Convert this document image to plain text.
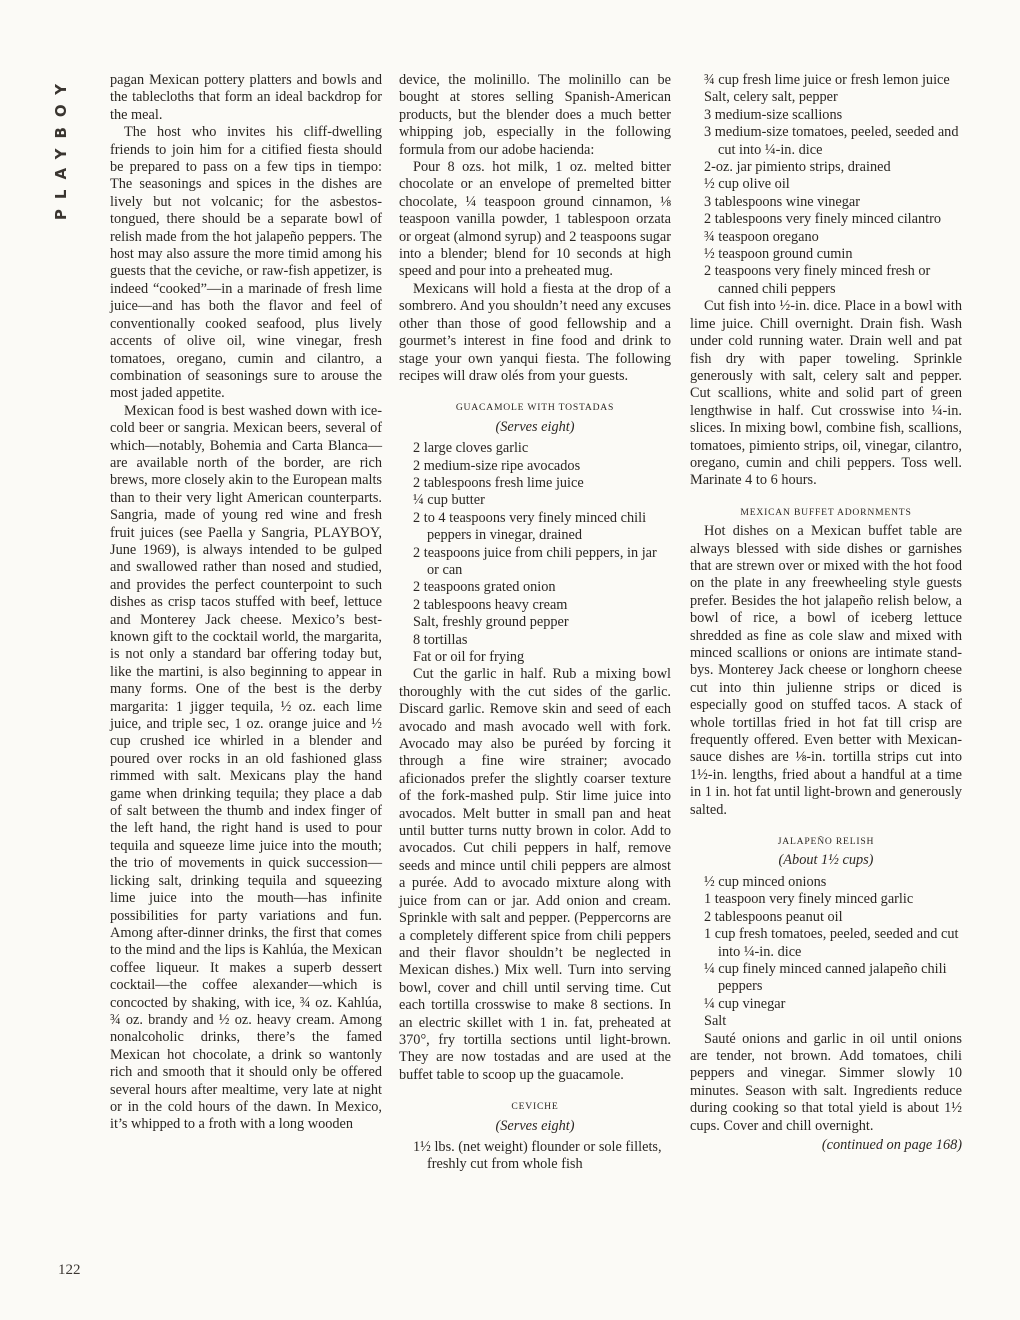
PLAYBOY
122

pagan Mexican pottery platters and bowls and the tablecloths that form an ideal backdrop for the meal.

The host who invites his cliff-dwelling friends to join him for a citified fiesta should be prepared to pass on a few tips in tiempo: The seasonings and spices in the dishes are lively but not volcanic; for the asbestos-tongued, there should be a separate bowl of relish made from the hot jalapeño peppers. The host may also assure the more timid among his guests that the ceviche, or raw-fish appetizer, is indeed “cooked”—in a marinade of fresh lime juice—and has both the flavor and feel of conventionally cooked seafood, plus lively accents of olive oil, wine vinegar, fresh tomatoes, oregano, cumin and cilantro, a combination of seasonings sure to arouse the most jaded appetite.

Mexican food is best washed down with ice-cold beer or sangria. Mexican beers, several of which—notably, Bohemia and Carta Blanca—are available north of the border, are rich brews, more closely akin to the European malts than to their very light American counterparts. Sangria, made of young red wine and fresh fruit juices (see Paella y Sangria, PLAYBOY, June 1969), is always intended to be gulped and swallowed rather than nosed and studied, and provides the perfect counterpoint to such dishes as crisp tacos stuffed with beef, lettuce and Monterey Jack cheese. Mexico’s best-known gift to the cocktail world, the margarita, is not only a standard bar offering today but, like the martini, is also beginning to appear in many forms. One of the best is the derby margarita: 1 jigger tequila, ½ oz. each lime juice, and triple sec, 1 oz. orange juice and ½ cup crushed ice whirled in a blender and poured over rocks in an old fashioned glass rimmed with salt. Mexicans play the hand game when drinking tequila; they place a dab of salt between the thumb and index finger of the left hand, the right hand is used to pour tequila and squeeze lime juice into the mouth; the trio of movements in quick succession—licking salt, drinking tequila and squeezing lime juice into the mouth—has infinite possibilities for party variations and fun. Among after-dinner drinks, the first that comes to the mind and the lips is Kahlúa, the Mexican coffee liqueur. It makes a superb dessert cocktail—the coffee alexander—which is concocted by shaking, with ice, ¾ oz. Kahlúa, ¾ oz. brandy and ½ oz. heavy cream. Among nonalcoholic drinks, there’s the famed Mexican hot chocolate, a drink so wantonly rich and smooth that it should only be offered several hours after mealtime, very late at night or in the cold hours of the dawn. In Mexico, it’s whipped to a froth with a long wooden

device, the molinillo. The molinillo can be bought at stores selling Spanish-American products, but the blender does a much better whipping job, especially in the following formula from our adobe hacienda:

Pour 8 ozs. hot milk, 1 oz. melted bitter chocolate or an envelope of premelted bitter chocolate, ¼ teaspoon ground cinnamon, ⅛ teaspoon vanilla powder, 1 tablespoon orzata or orgeat (almond syrup) and 2 teaspoons sugar into a blender; blend for 10 seconds at high speed and pour into a preheated mug.

Mexicans will hold a fiesta at the drop of a sombrero. And you shouldn’t need any excuses other than those of good fellowship and a gourmet’s interest in fine food and drink to stage your own yanqui fiesta. The following recipes will draw olés from your guests.

GUACAMOLE WITH TOSTADAS
(Serves eight)
2 large cloves garlic
2 medium-size ripe avocados
2 tablespoons fresh lime juice
¼ cup butter
2 to 4 teaspoons very finely minced chili peppers in vinegar, drained
2 teaspoons juice from chili peppers, in jar or can
2 teaspoons grated onion
2 tablespoons heavy cream
Salt, freshly ground pepper
8 tortillas
Fat or oil for frying

Cut the garlic in half. Rub a mixing bowl thoroughly with the cut sides of the garlic. Discard garlic. Remove skin and seed of each avocado and mash avocado well with fork. Avocado may also be puréed by forcing it through a fine wire strainer; avocado aficionados prefer the slightly coarser texture of the fork-mashed pulp. Stir lime juice into avocados. Melt butter in small pan and heat until butter turns nutty brown in color. Add to avocados. Cut chili peppers in half, remove seeds and mince until chili peppers are almost a purée. Add to avocado mixture along with juice from can or jar. Add onion and cream. Sprinkle with salt and pepper. (Peppercorns are a completely different spice from chili peppers and their flavor shouldn’t be neglected in Mexican dishes.) Mix well. Turn into serving bowl, cover and chill until serving time. Cut each tortilla crosswise to make 8 sections. In an electric skillet with 1 in. fat, preheated at 370°, fry tortilla sections until light-brown. They are now tostadas and are used at the buffet table to scoop up the guacamole.

CEVICHE
(Serves eight)
1½ lbs. (net weight) flounder or sole fillets, freshly cut from whole fish
¾ cup fresh lime juice or fresh lemon juice
Salt, celery salt, pepper
3 medium-size scallions
3 medium-size tomatoes, peeled, seeded and cut into ¼-in. dice
2-oz. jar pimiento strips, drained
½ cup olive oil
3 tablespoons wine vinegar
2 tablespoons very finely minced cilantro
¾ teaspoon oregano
½ teaspoon ground cumin
2 teaspoons very finely minced fresh or canned chili peppers

Cut fish into ½-in. dice. Place in a bowl with lime juice. Chill overnight. Drain fish. Wash under cold running water. Drain well and pat fish dry with paper toweling. Sprinkle generously with salt, celery salt and pepper. Cut scallions, white and solid part of green lengthwise in half. Cut crosswise into ¼-in. slices. In mixing bowl, combine fish, scallions, tomatoes, pimiento strips, oil, vinegar, cilantro, oregano, cumin and chili peppers. Toss well. Marinate 4 to 6 hours.

MEXICAN BUFFET ADORNMENTS

Hot dishes on a Mexican buffet table are always blessed with side dishes or garnishes that are strewn over or mixed with the hot food on the plate in any freewheeling style guests prefer. Besides the hot jalapeño relish below, a bowl of rice, a bowl of iceberg lettuce shredded as fine as cole slaw and mixed with minced scallions or onions are intimate stand-bys. Monterey Jack cheese or longhorn cheese cut into thin julienne strips or diced is especially good on stuffed tacos. A stack of whole tortillas fried in hot fat till crisp are frequently offered. Even better with Mexican-sauce dishes are ⅛-in. tortilla strips cut into 1½-in. lengths, fried about a handful at a time in 1 in. hot fat until light-brown and generously salted.

JALAPEÑO RELISH
(About 1½ cups)
½ cup minced onions
1 teaspoon very finely minced garlic
2 tablespoons peanut oil
1 cup fresh tomatoes, peeled, seeded and cut into ¼-in. dice
¼ cup finely minced canned jalapeño chili peppers
¼ cup vinegar
Salt

Sauté onions and garlic in oil until onions are tender, not brown. Add tomatoes, chili peppers and vinegar. Simmer slowly 10 minutes. Season with salt. Ingredients reduce during cooking so that total yield is about 1½ cups. Cover and chill overnight.

(continued on page 168)
